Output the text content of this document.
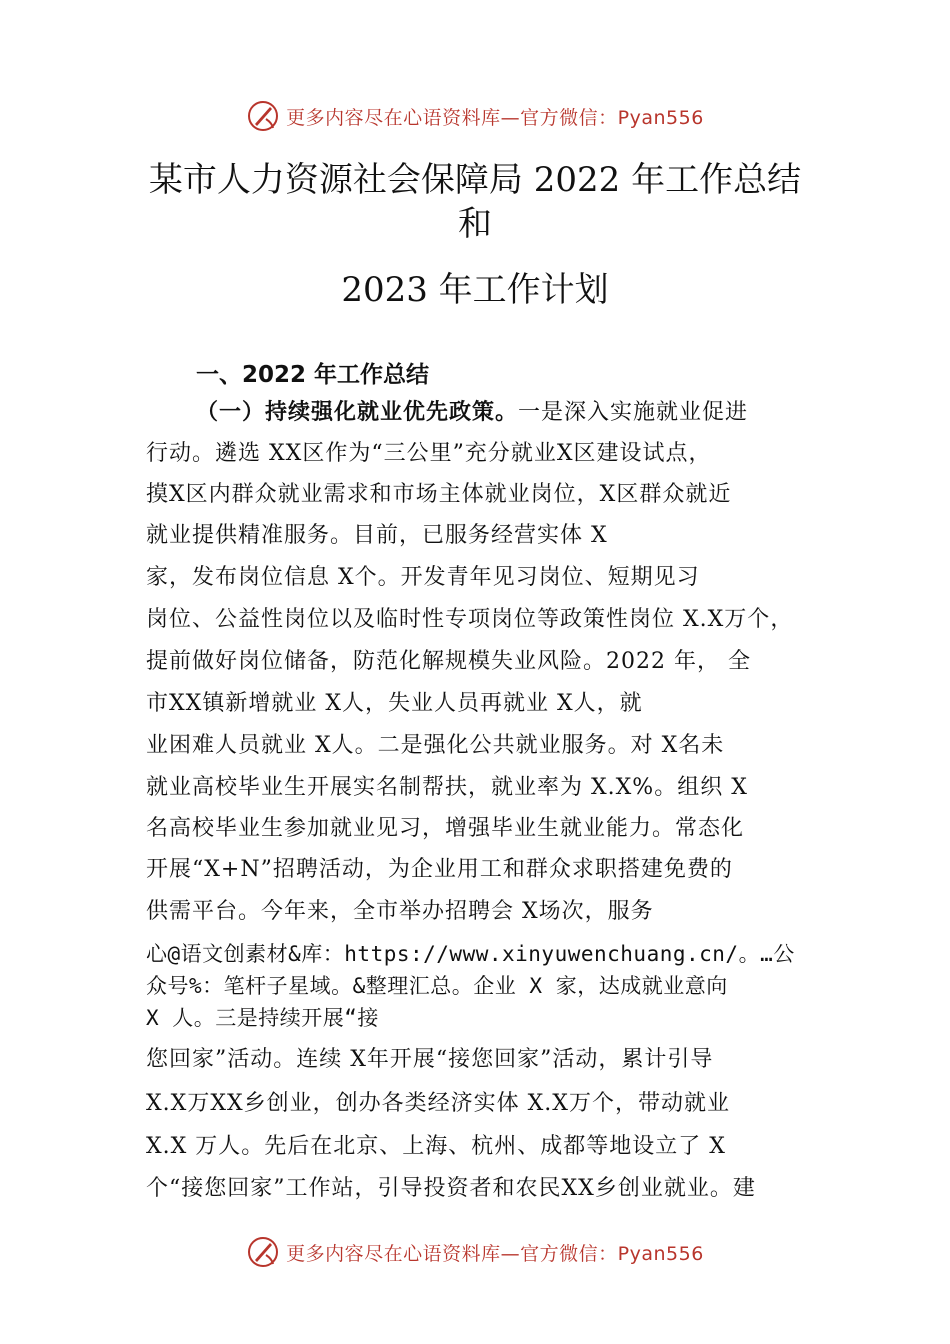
更多内容尽在心语资料库—官方微信：Pyan556
某市人力资源社会保障局 2022 年工作总结
和
2023 年工作计划
一、2022 年工作总结
（一）持续强化就业优先政策。一是深入实施就业促进
行动。遴选 XX区作为“三公里”充分就业X区建设试点，
摸X区内群众就业需求和市场主体就业岗位，X区群众就近
就业提供精准服务。目前，已服务经营实体 X
家，发布岗位信息 X个。开发青年见习岗位、短期见习
岗位、公益性岗位以及临时性专项岗位等政策性岗位 X.X万个，
提前做好岗位储备，防范化解规模失业风险。2022 年， 全
市XX镇新增就业 X人，失业人员再就业 X人，就
业困难人员就业 X人。二是强化公共就业服务。对 X名未
就业高校毕业生开展实名制帮扶，就业率为 X.X%。组织 X
名高校毕业生参加就业见习，增强毕业生就业能力。常态化
开展“X+N”招聘活动，为企业用工和群众求职搭建免费的
供需平台。今年来，全市举办招聘会 X场次，服务
心@语文创素材&库：https://www.xinyuwenchuang.cn/。…公
众号%：笔杆子星域。&整理汇总。企业 X 家，达成就业意向
X 人。三是持续开展“接
您回家”活动。连续 X年开展“接您回家”活动，累计引导
X.X万XX乡创业，创办各类经济实体 X.X万个，带动就业
X.X 万人。先后在北京、上海、杭州、成都等地设立了 X
个“接您回家”工作站，引导投资者和农民XX乡创业就业。建
更多内容尽在心语资料库—官方微信：Pyan556
